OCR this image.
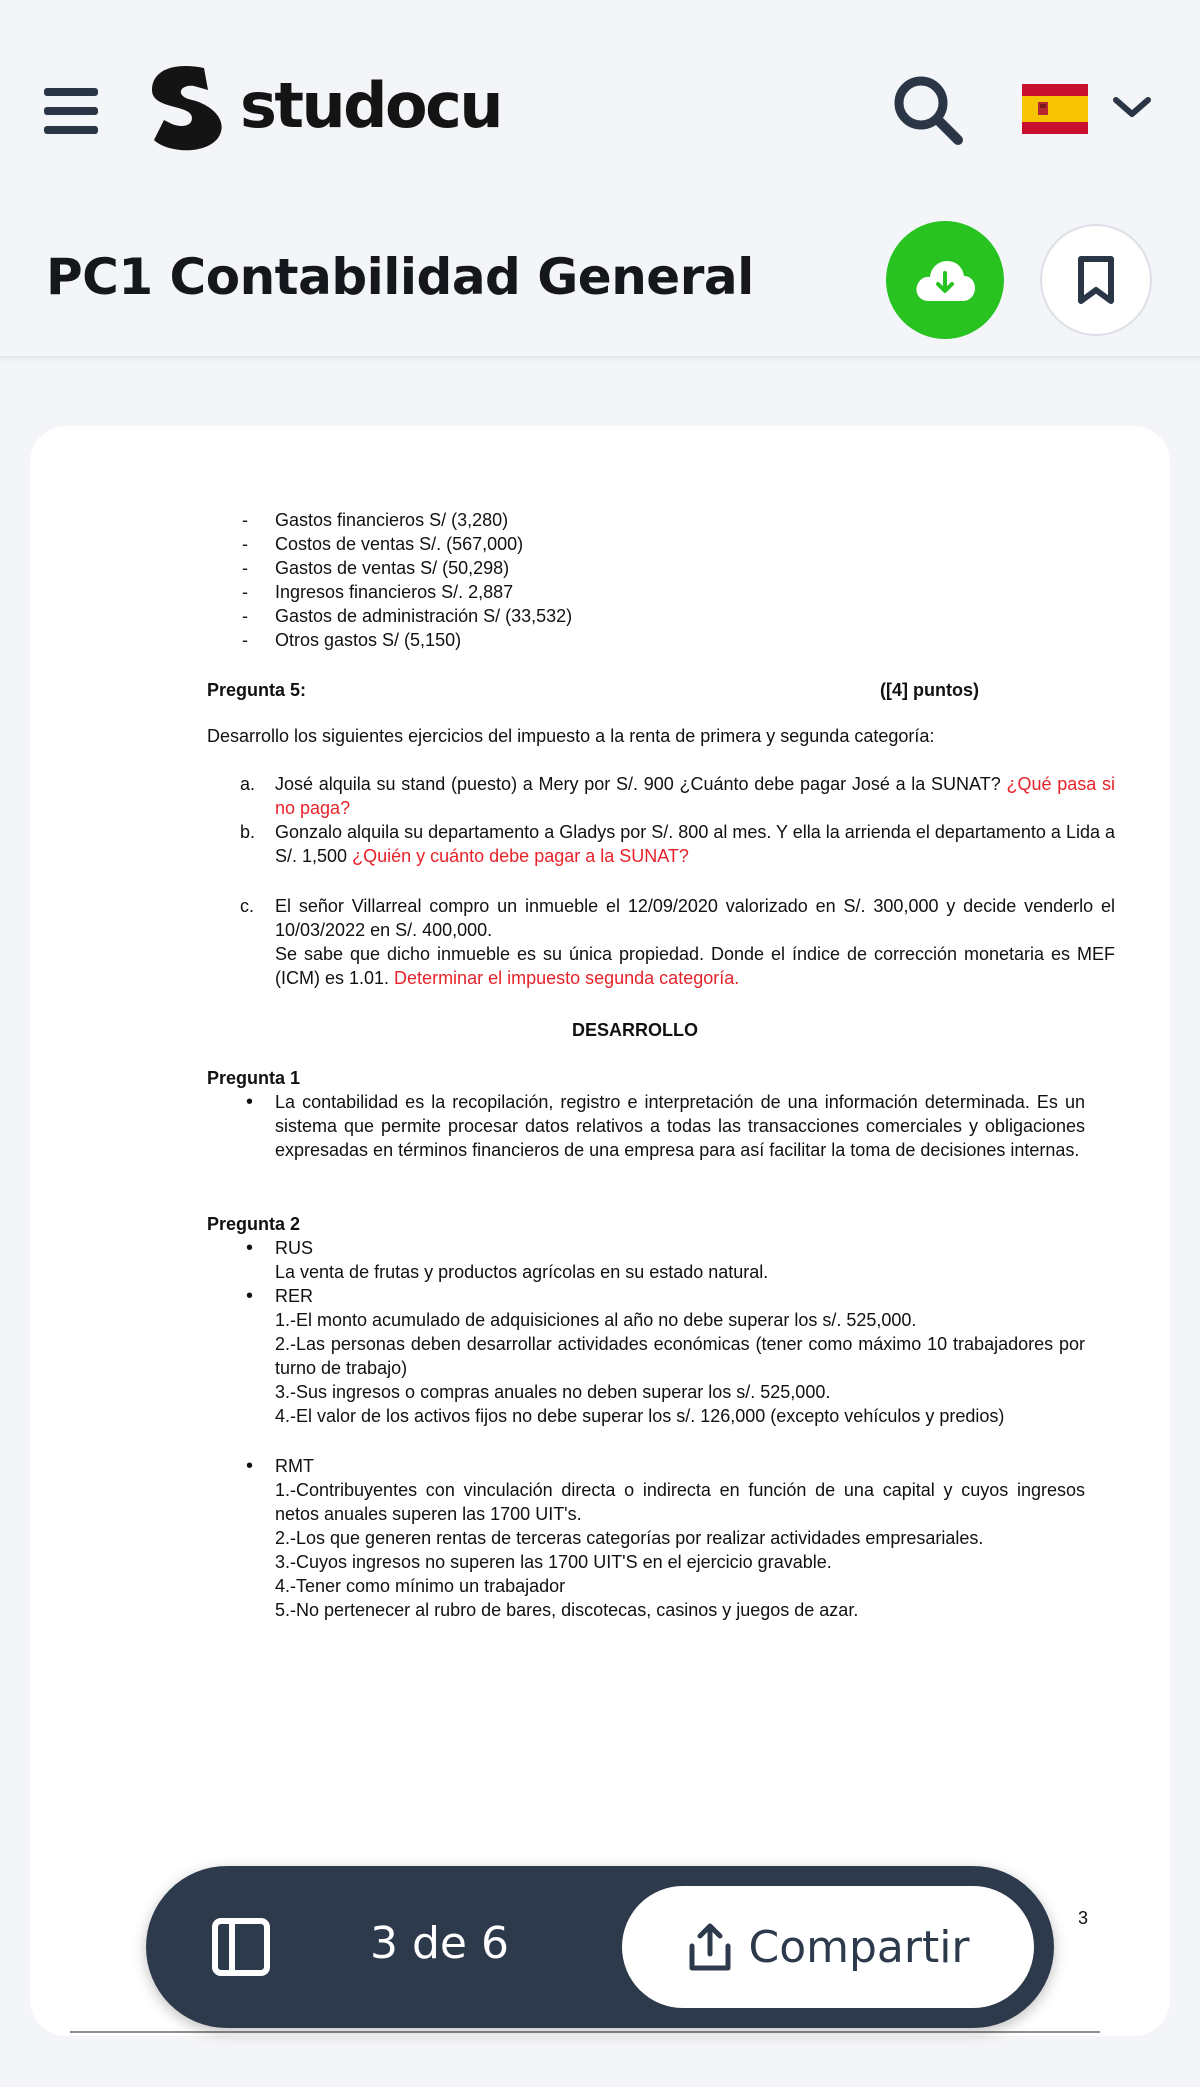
studocu
PC1 Contabilidad General
- Gastos financieros S/ (3,280)
- Costos de ventas S/. (567,000)
- Gastos de ventas S/ (50,298)
- Ingresos financieros S/. 2,887
- Gastos de administración S/ (33,532)
- Otros gastos S/ (5,150)
Pregunta 5:	([4] puntos)
Desarrollo los siguientes ejercicios del impuesto a la renta de primera y segunda categoría:
a. José alquila su stand (puesto) a Mery por S/. 900 ¿Cuánto debe pagar José a la SUNAT? ¿Qué pasa si no paga?
b. Gonzalo alquila su departamento a Gladys por S/. 800 al mes. Y ella la arrienda el departamento a Lida a S/. 1,500 ¿Quién y cuánto debe pagar a la SUNAT?
c. El señor Villarreal compro un inmueble el 12/09/2020 valorizado en S/. 300,000 y decide venderlo el 10/03/2022 en S/. 400,000.
Se sabe que dicho inmueble es su única propiedad. Donde el índice de corrección monetaria es MEF (ICM) es 1.01. Determinar el impuesto segunda categoría.
DESARROLLO
Pregunta 1
• La contabilidad es la recopilación, registro e interpretación de una información determinada. Es un sistema que permite procesar datos relativos a todas las transacciones comerciales y obligaciones expresadas en términos financieros de una empresa para así facilitar la toma de decisiones internas.
Pregunta 2
• RUS
La venta de frutas y productos agrícolas en su estado natural.
• RER
1.-El monto acumulado de adquisiciones al año no debe superar los s/. 525,000.
2.-Las personas deben desarrollar actividades económicas (tener como máximo 10 trabajadores por turno de trabajo)
3.-Sus ingresos o compras anuales no deben superar los s/. 525,000.
4.-El valor de los activos fijos no debe superar los s/. 126,000 (excepto vehículos y predios)
• RMT
1.-Contribuyentes con vinculación directa o indirecta en función de una capital y cuyos ingresos netos anuales superen las 1700 UIT's.
2.-Los que generen rentas de terceras categorías por realizar actividades empresariales.
3.-Cuyos ingresos no superen las 1700 UIT'S en el ejercicio gravable.
4.-Tener como mínimo un trabajador
5.-No pertenecer al rubro de bares, discotecas, casinos y juegos de azar.
3
3 de 6	Compartir
